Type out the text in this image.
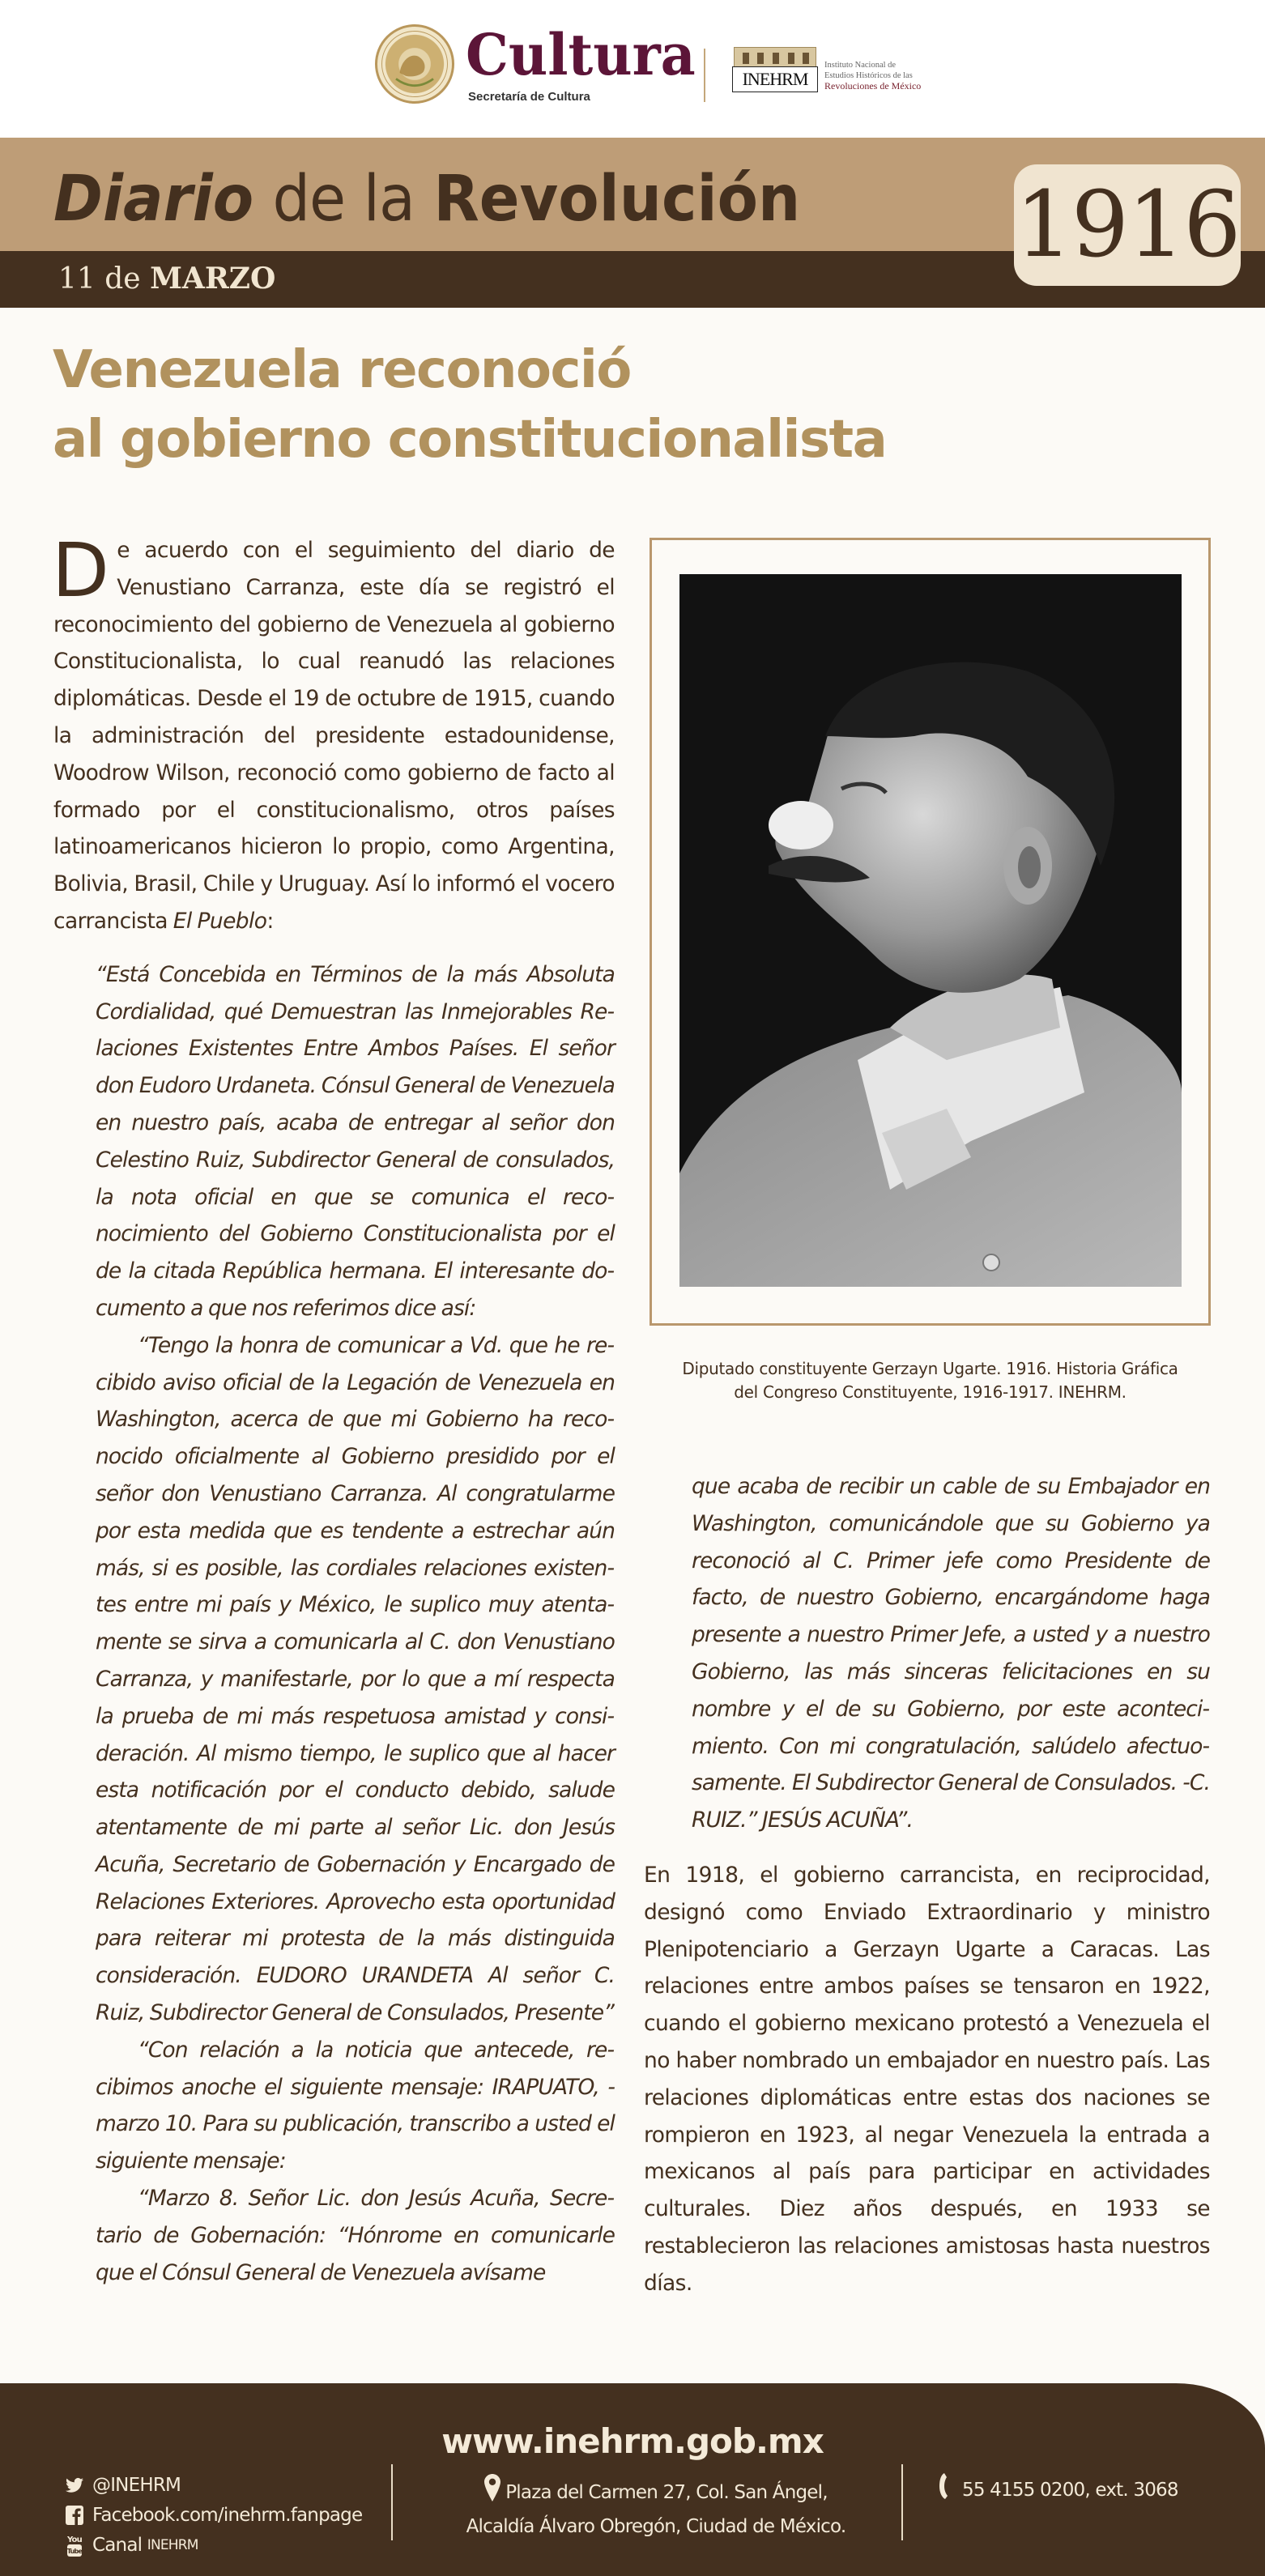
Cultura
Secretaría de Cultura
INEHRM
Instituto Nacional de
Estudios Históricos de las
Revoluciones de México
Diario de la Revolución
11 de MARZO
1916
Venezuela reconoció
al gobierno constitucionalista

De acuerdo con el seguimiento del diario de Venustiano Carranza, este día se registró el reconocimiento del gobierno de Venezuela al gobierno Constitucionalista, lo cual reanudó las relaciones diplomáticas. Desde el 19 de octubre de 1915, cuando la administración del presidente estadounidense, Woodrow Wilson, reconoció como gobierno de facto al formado por el constitucionalismo, otros países latinoamericanos hicieron lo propio, como Argentina, Bolivia, Brasil, Chile y Uruguay. Así lo informó el vocero carrancista El Pueblo:

“Está Concebida en Términos de la más Absoluta Cordialidad, qué Demuestran las Inmejorables Relaciones Existentes Entre Ambos Países. El señor don Eudoro Urdaneta. Cónsul General de Venezuela en nuestro país, acaba de entregar al señor don Celestino Ruiz, Subdirector General de consulados, la nota oficial en que se comunica el reconocimiento del Gobierno Constitucionalista por el de la citada República hermana. El interesante documento a que nos referimos dice así:

“Tengo la honra de comunicar a Vd. que he recibido aviso oficial de la Legación de Venezuela en Washington, acerca de que mi Gobierno ha reconocido oficialmente al Gobierno presidido por el señor don Venustiano Carranza. Al congratularme por esta medida que es tendente a estrechar aún más, si es posible, las cordiales relaciones existentes entre mi país y México, le suplico muy atentamente se sirva a comunicarla al C. don Venustiano Carranza, y manifestarle, por lo que a mí respecta la prueba de mi más respetuosa amistad y consideración. Al mismo tiempo, le suplico que al hacer esta notificación por el conducto debido, salude atentamente de mi parte al señor Lic. don Jesús Acuña, Secretario de Gobernación y Encargado de Relaciones Exteriores. Aprovecho esta oportunidad para reiterar mi protesta de la más distinguida consideración. EUDORO URANDETA Al señor C. Ruiz, Subdirector General de Consulados, Presente”

“Con relación a la noticia que antecede, recibimos anoche el siguiente mensaje: IRAPUATO, -marzo 10. Para su publicación, transcribo a usted el siguiente mensaje:

“Marzo 8. Señor Lic. don Jesús Acuña, Secretario de Gobernación: “Hónrome en comunicarle que el Cónsul General de Venezuela avísame

Diputado constituyente Gerzayn Ugarte. 1916. Historia Gráfica
del Congreso Constituyente, 1916-1917. INEHRM.

que acaba de recibir un cable de su Embajador en Washington, comunicándole que su Gobierno ya reconoció al C. Primer jefe como Presidente de facto, de nuestro Gobierno, encargándome haga presente a nuestro Primer Jefe, a usted y a nuestro Gobierno, las más sinceras felicitaciones en su nombre y el de su Gobierno, por este acontecimiento. Con mi congratulación, salúdelo afectuosamente. El Subdirector General de Consulados. -C. RUIZ.” JESÚS ACUÑA”.

En 1918, el gobierno carrancista, en reciprocidad, designó como Enviado Extraordinario y ministro Plenipotenciario a Gerzayn Ugarte a Caracas. Las relaciones entre ambos países se tensaron en 1922, cuando el gobierno mexicano protestó a Venezuela el no haber nombrado un embajador en nuestro país. Las relaciones diplomáticas entre estas dos naciones se rompieron en 1923, al negar Venezuela la entrada a mexicanos al país para participar en actividades culturales. Diez años después, en 1933 se restablecieron las relaciones amistosas hasta nuestros días.

www.inehrm.gob.mx
@INEHRM
Facebook.com/inehrm.fanpage
You
Tube Canal
INEHRM
Plaza del Carmen 27, Col. San Ángel,
Alcaldía Álvaro Obregón, Ciudad de México.
55 4155 0200, ext. 3068
